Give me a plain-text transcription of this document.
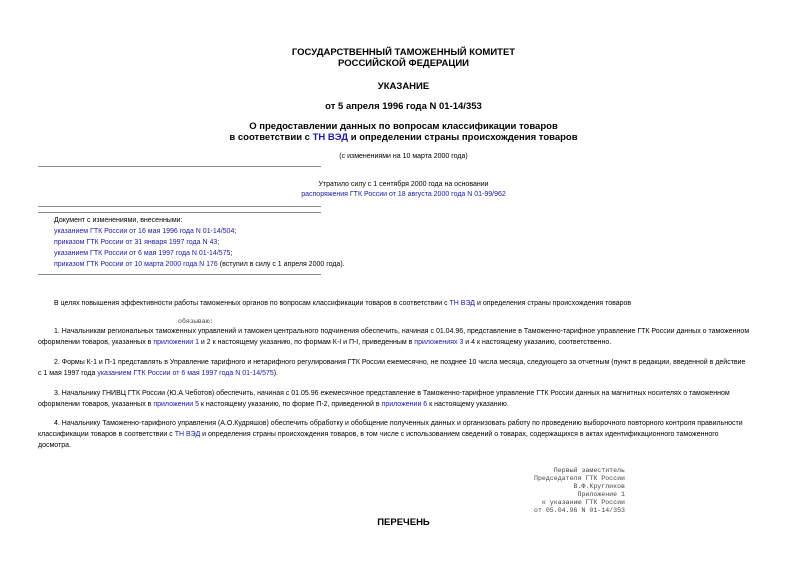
ГОСУДАРСТВЕННЫЙ ТАМОЖЕННЫЙ КОМИТЕТ
РОССИЙСКОЙ ФЕДЕРАЦИИ
УКАЗАНИЕ
от 5 апреля 1996 года N 01-14/353
О предоставлении данных по вопросам классификации товаров
в соответствии с ТН ВЭД и определении страны происхождения товаров
(с изменениями на 10 марта 2000 года)
Утратило силу с 1 сентября 2000 года на основании
распоряжения ГТК России от 18 августа 2000 года N 01-99/962
Документ с изменениями, внесенными:
указанием ГТК России от 16 мая 1996 года N 01-14/504;
приказом ГТК России от 31 января 1997 года N 43;
указанием ГТК России от 6 мая 1997 года N 01-14/575;
приказом ГТК России от 10 марта 2000 года N 176 (вступил в силу с 1 апреля 2000 года).
В целях повышения эффективности работы таможенных органов по вопросам классификации товаров в соответствии с ТН ВЭД и определения страны происхождения товаров
обязываю:
1. Начальникам региональных таможенных управлений и таможен центрального подчинения обеспечить, начиная с 01.04.96, представление в Таможенно-тарифное управление ГТК России данных о таможенном
оформлении товаров, указанных в приложении 1 и 2 к настоящему указанию, по формам К-I и П-I, приведенным в приложениях 3 и 4 к настоящему указанию, соответственно.
2. Формы К-1 и П-1 представлять в Управление тарифного и нетарифного регулирования ГТК России ежемесячно, не позднее 10 числа месяца, следующего за отчетным (пункт в редакции, введенной в действие
с 1 мая 1997 года указанием ГТК России от 6 мая 1997 года N 01-14/575).
3. Начальнику ГНИВЦ ГТК России (Ю.А.Чеботов) обеспечить, начиная с 01.05.96 ежемесячное представление в Таможенно-тарифное управление ГТК России данных на магнитных носителях о таможенном
оформлении товаров, указанных в приложении 5 к настоящему указанию, по форме П-2, приведенной в приложении 6 к настоящему указанию.
4. Начальнику Таможенно-тарифного управления (А.О.Кудряшов) обеспечить обработку и обобщение полученных данных и организовать работу по проведению выборочного повторного контроля правильности
классификации товаров в соответствии с ТН ВЭД и определения страны происхождения товаров, в том числе с использованием сведений о товарах, содержащихся в актах идентификационного таможенного
досмотра.
Первый заместитель
Председателя ГТК России
В.Ф.Кругликов
Приложение 1
к указанию ГТК России
от 05.04.96 N 01-14/353
ПЕРЕЧЕНЬ
